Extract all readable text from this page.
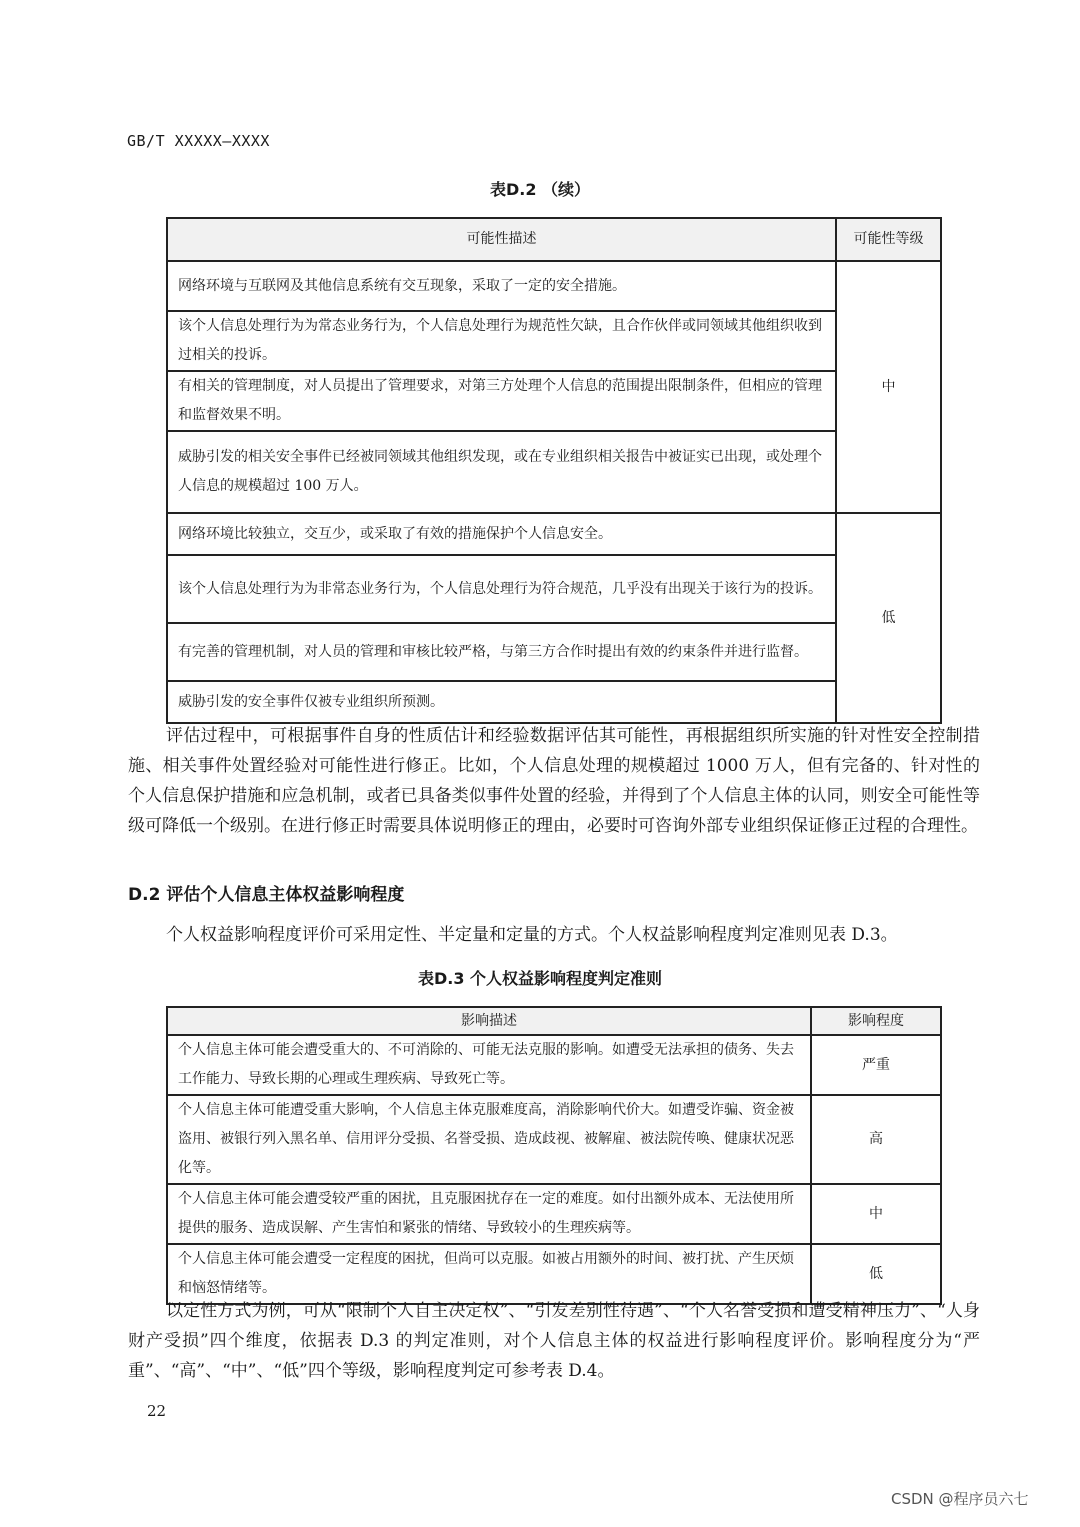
GB/T XXXXX—XXXX
表D.2 （续）
可能性描述	可能性等级
网络环境与互联网及其他信息系统有交互现象，采取了一定的安全措施。	中
该个人信息处理行为为常态业务行为，个人信息处理行为规范性欠缺，且合作伙伴或同领域其他组织收到过相关的投诉。	
有相关的管理制度，对人员提出了管理要求，对第三方处理个人信息的范围提出限制条件，但相应的管理和监督效果不明。	
威胁引发的相关安全事件已经被同领域其他组织发现，或在专业组织相关报告中被证实已出现，或处理个人信息的规模超过 100 万人。	
网络环境比较独立，交互少，或采取了有效的措施保护个人信息安全。	低
该个人信息处理行为为非常态业务行为，个人信息处理行为符合规范，几乎没有出现关于该行为的投诉。	
有完善的管理机制，对人员的管理和审核比较严格，与第三方合作时提出有效的约束条件并进行监督。	
威胁引发的安全事件仅被专业组织所预测。	
评估过程中，可根据事件自身的性质估计和经验数据评估其可能性，再根据组织所实施的针对性安全控制措施、相关事件处置经验对可能性进行修正。比如，个人信息处理的规模超过 1000 万人，但有完备的、针对性的个人信息保护措施和应急机制，或者已具备类似事件处置的经验，并得到了个人信息主体的认同，则安全可能性等级可降低一个级别。在进行修正时需要具体说明修正的理由，必要时可咨询外部专业组织保证修正过程的合理性。
D.2 评估个人信息主体权益影响程度
个人权益影响程度评价可采用定性、半定量和定量的方式。个人权益影响程度判定准则见表 D.3。
表D.3 个人权益影响程度判定准则
影响描述	影响程度
个人信息主体可能会遭受重大的、不可消除的、可能无法克服的影响。如遭受无法承担的债务、失去工作能力、导致长期的心理或生理疾病、导致死亡等。	严重
个人信息主体可能遭受重大影响，个人信息主体克服难度高，消除影响代价大。如遭受诈骗、资金被盗用、被银行列入黑名单、信用评分受损、名誉受损、造成歧视、被解雇、被法院传唤、健康状况恶化等。	高
个人信息主体可能会遭受较严重的困扰，且克服困扰存在一定的难度。如付出额外成本、无法使用所提供的服务、造成误解、产生害怕和紧张的情绪、导致较小的生理疾病等。	中
个人信息主体可能会遭受一定程度的困扰，但尚可以克服。如被占用额外的时间、被打扰、产生厌烦和恼怒情绪等。	低
以定性方式为例，可从“限制个人自主决定权”、“引发差别性待遇”、“个人名誉受损和遭受精神压力”、“人身财产受损”四个维度，依据表 D.3 的判定准则，对个人信息主体的权益进行影响程度评价。影响程度分为“严重”、“高”、“中”、“低”四个等级，影响程度判定可参考表 D.4。
22
CSDN @程序员六七
